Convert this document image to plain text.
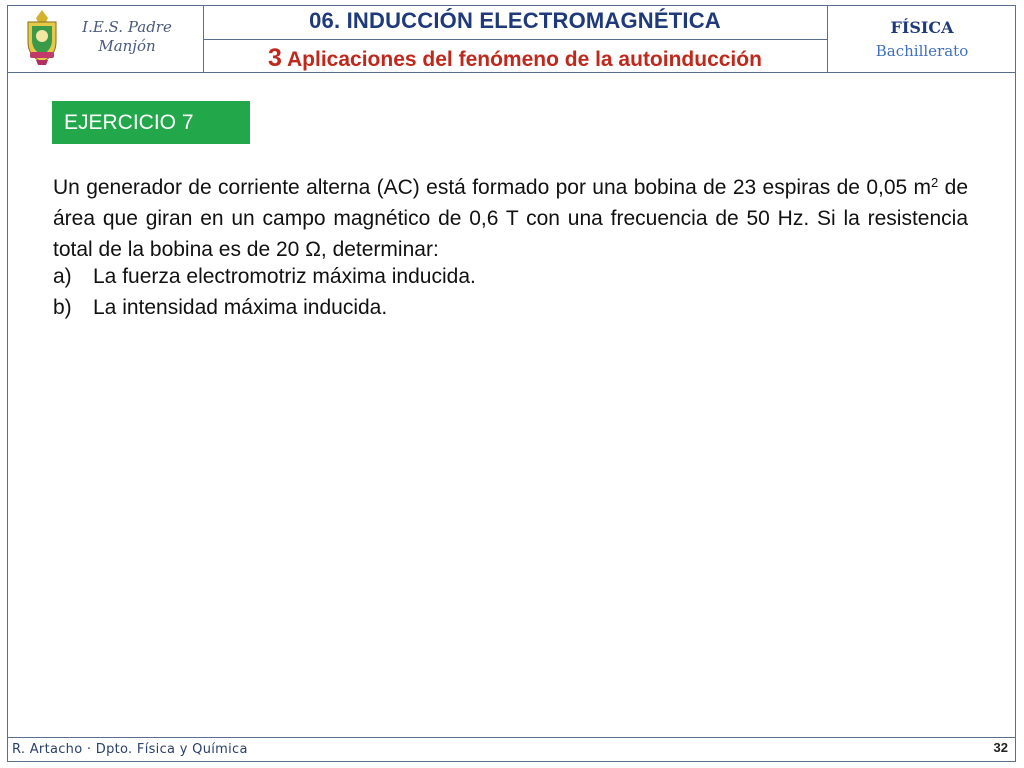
I.E.S. Padre Manjón
06. INDUCCIÓN ELECTROMAGNÉTICA
3 Aplicaciones del fenómeno de la autoinducción
FÍSICA
Bachillerato
EJERCICIO 7
Un generador de corriente alterna (AC) está formado por una bobina de 23 espiras de 0,05 $m^2$ de área que giran en un campo magnético de 0,6 T con una frecuencia de 50 Hz. Si la resistencia total de la bobina es de 20 Ω, determinar:
a) La fuerza electromotriz máxima inducida.
b) La intensidad máxima inducida.
R. Artacho · Dpto. Física y Química	32
